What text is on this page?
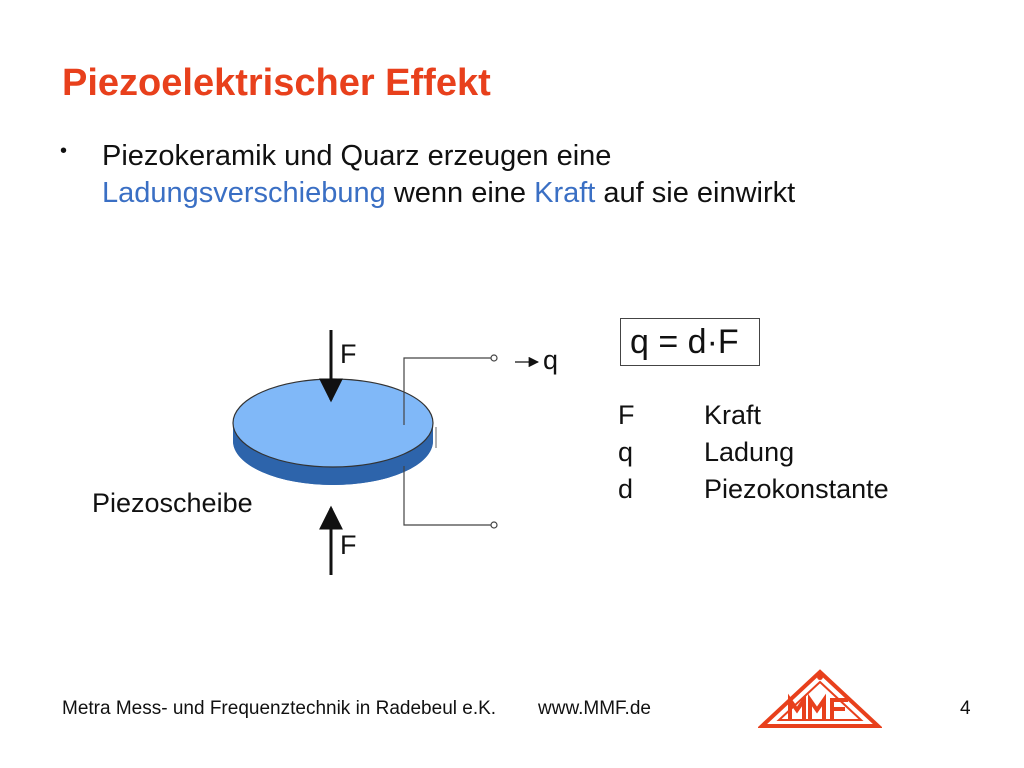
Piezoelektrischer Effekt
• Piezokeramik und Quarz erzeugen eine
Ladungsverschiebung wenn eine Kraft auf sie einwirkt
F	q
Piezoscheibe
F
q = d·F
F	Kraft
q	Ladung
d	Piezokonstante
Metra Mess- und Frequenztechnik in Radebeul e.K. www.MMF.de	4
